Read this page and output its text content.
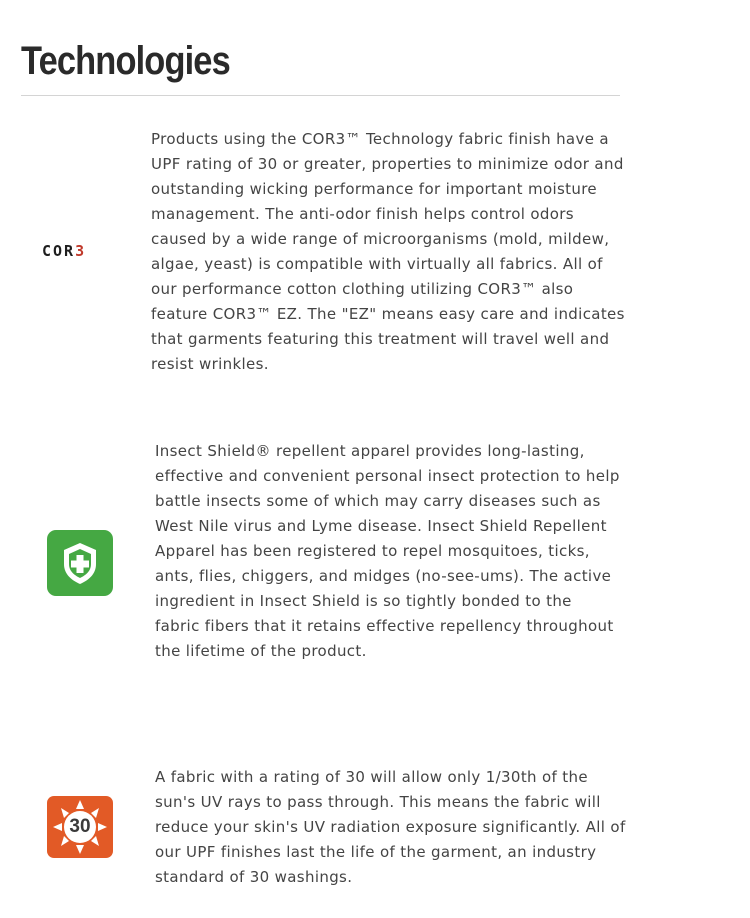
Technologies
COR3

Products using the COR3™ Technology fabric finish have a UPF rating of 30 or greater, properties to minimize odor and outstanding wicking performance for important moisture management. The anti-odor finish helps control odors caused by a wide range of microorganisms (mold, mildew, algae, yeast) is compatible with virtually all fabrics. All of our performance cotton clothing utilizing COR3™ also feature COR3™ EZ. The "EZ" means easy care and indicates that garments featuring this treatment will travel well and resist wrinkles.

Insect Shield® repellent apparel provides long-lasting, effective and convenient personal insect protection to help battle insects some of which may carry diseases such as West Nile virus and Lyme disease. Insect Shield Repellent Apparel has been registered to repel mosquitoes, ticks, ants, flies, chiggers, and midges (no-see-ums). The active ingredient in Insect Shield is so tightly bonded to the fabric fibers that it retains effective repellency throughout the lifetime of the product.

30

A fabric with a rating of 30 will allow only 1/30th of the sun's UV rays to pass through. This means the fabric will reduce your skin's UV radiation exposure significantly. All of our UPF finishes last the life of the garment, an industry standard of 30 washings.
